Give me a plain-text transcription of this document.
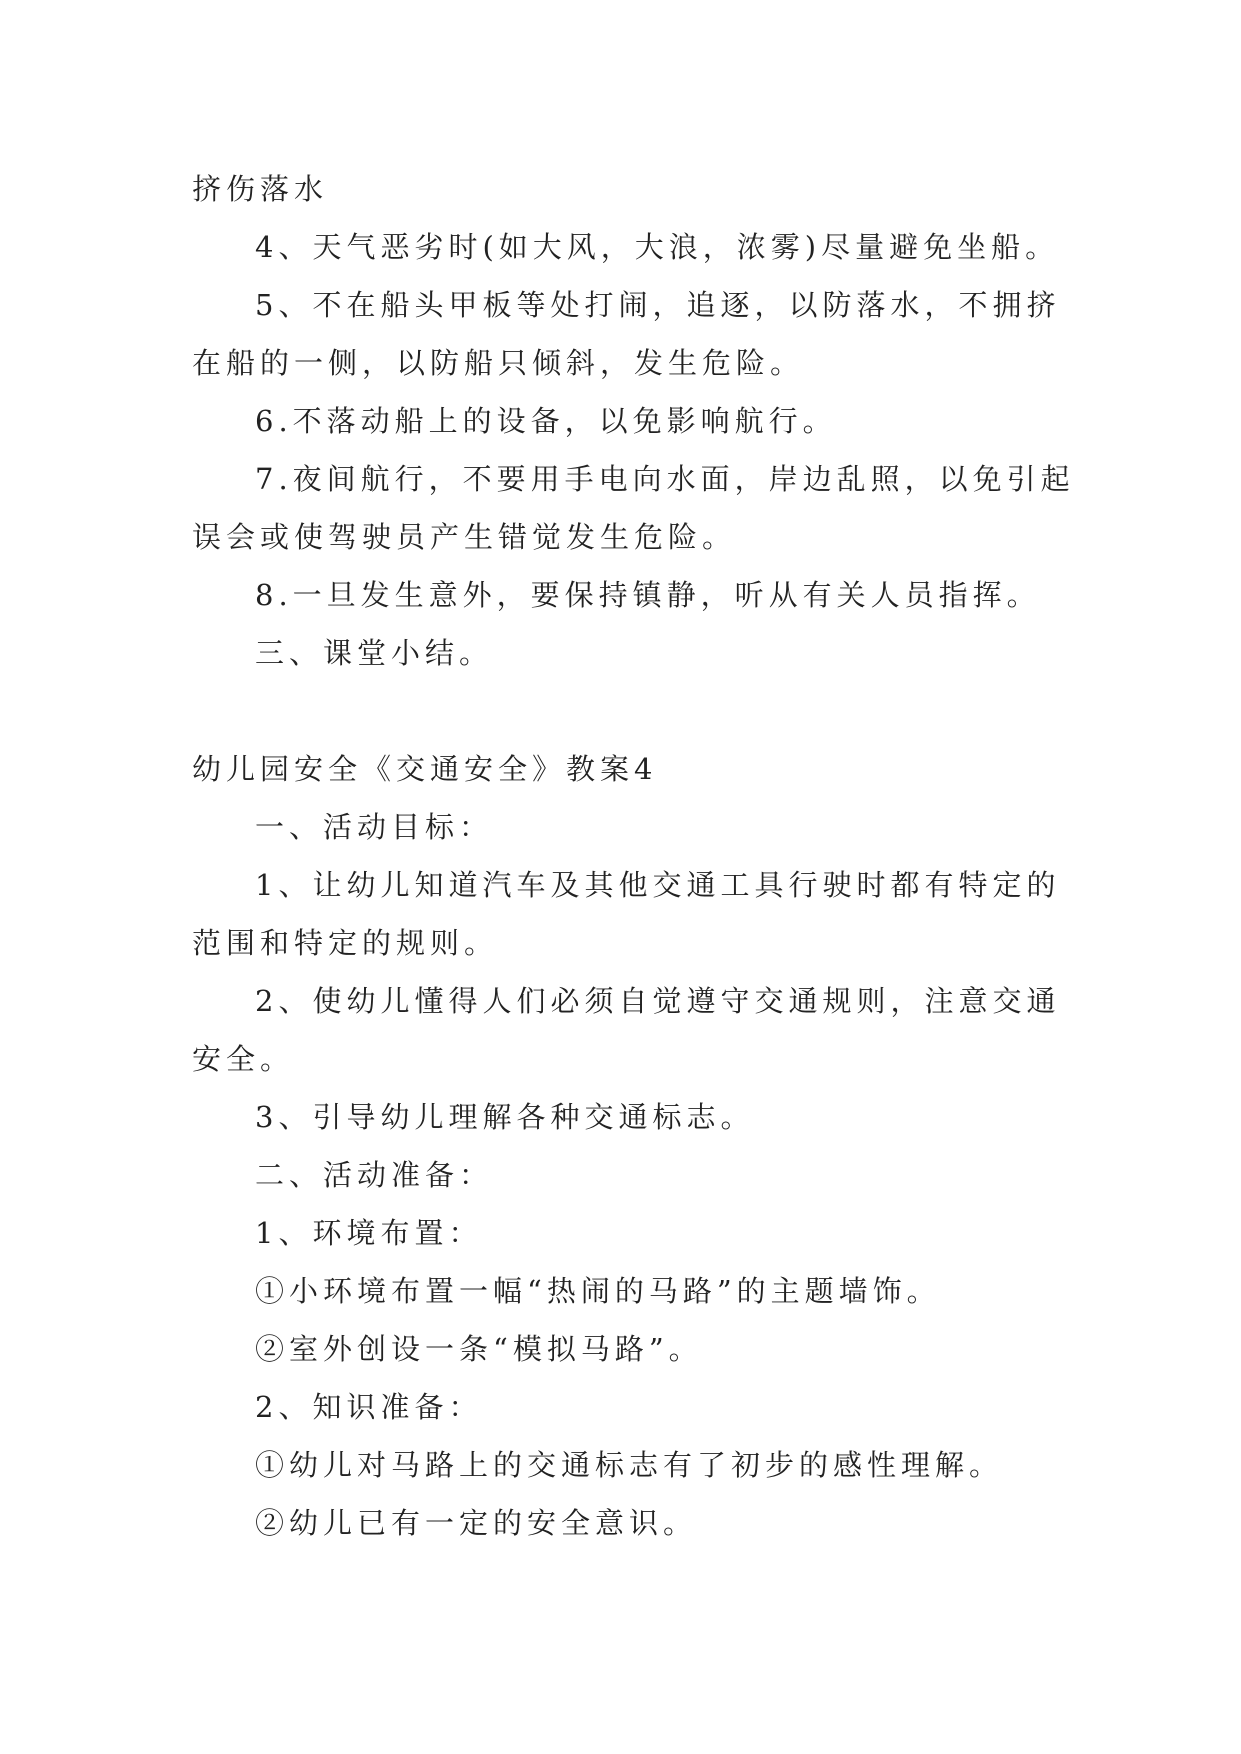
挤伤落水
4、天气恶劣时(如大风，大浪，浓雾)尽量避免坐船。
5、不在船头甲板等处打闹，追逐，以防落水，不拥挤
在船的一侧，以防船只倾斜，发生危险。
6.不落动船上的设备，以免影响航行。
7.夜间航行，不要用手电向水面，岸边乱照，以免引起
误会或使驾驶员产生错觉发生危险。
8.一旦发生意外，要保持镇静，听从有关人员指挥。
三、课堂小结。
幼儿园安全《交通安全》教案4
一、活动目标：
1、让幼儿知道汽车及其他交通工具行驶时都有特定的
范围和特定的规则。
2、使幼儿懂得人们必须自觉遵守交通规则，注意交通
安全。
3、引导幼儿理解各种交通标志。
二、活动准备：
1、环境布置：
①小环境布置一幅“热闹的马路”的主题墙饰。
②室外创设一条“模拟马路”。
2、知识准备：
①幼儿对马路上的交通标志有了初步的感性理解。
②幼儿已有一定的安全意识。
